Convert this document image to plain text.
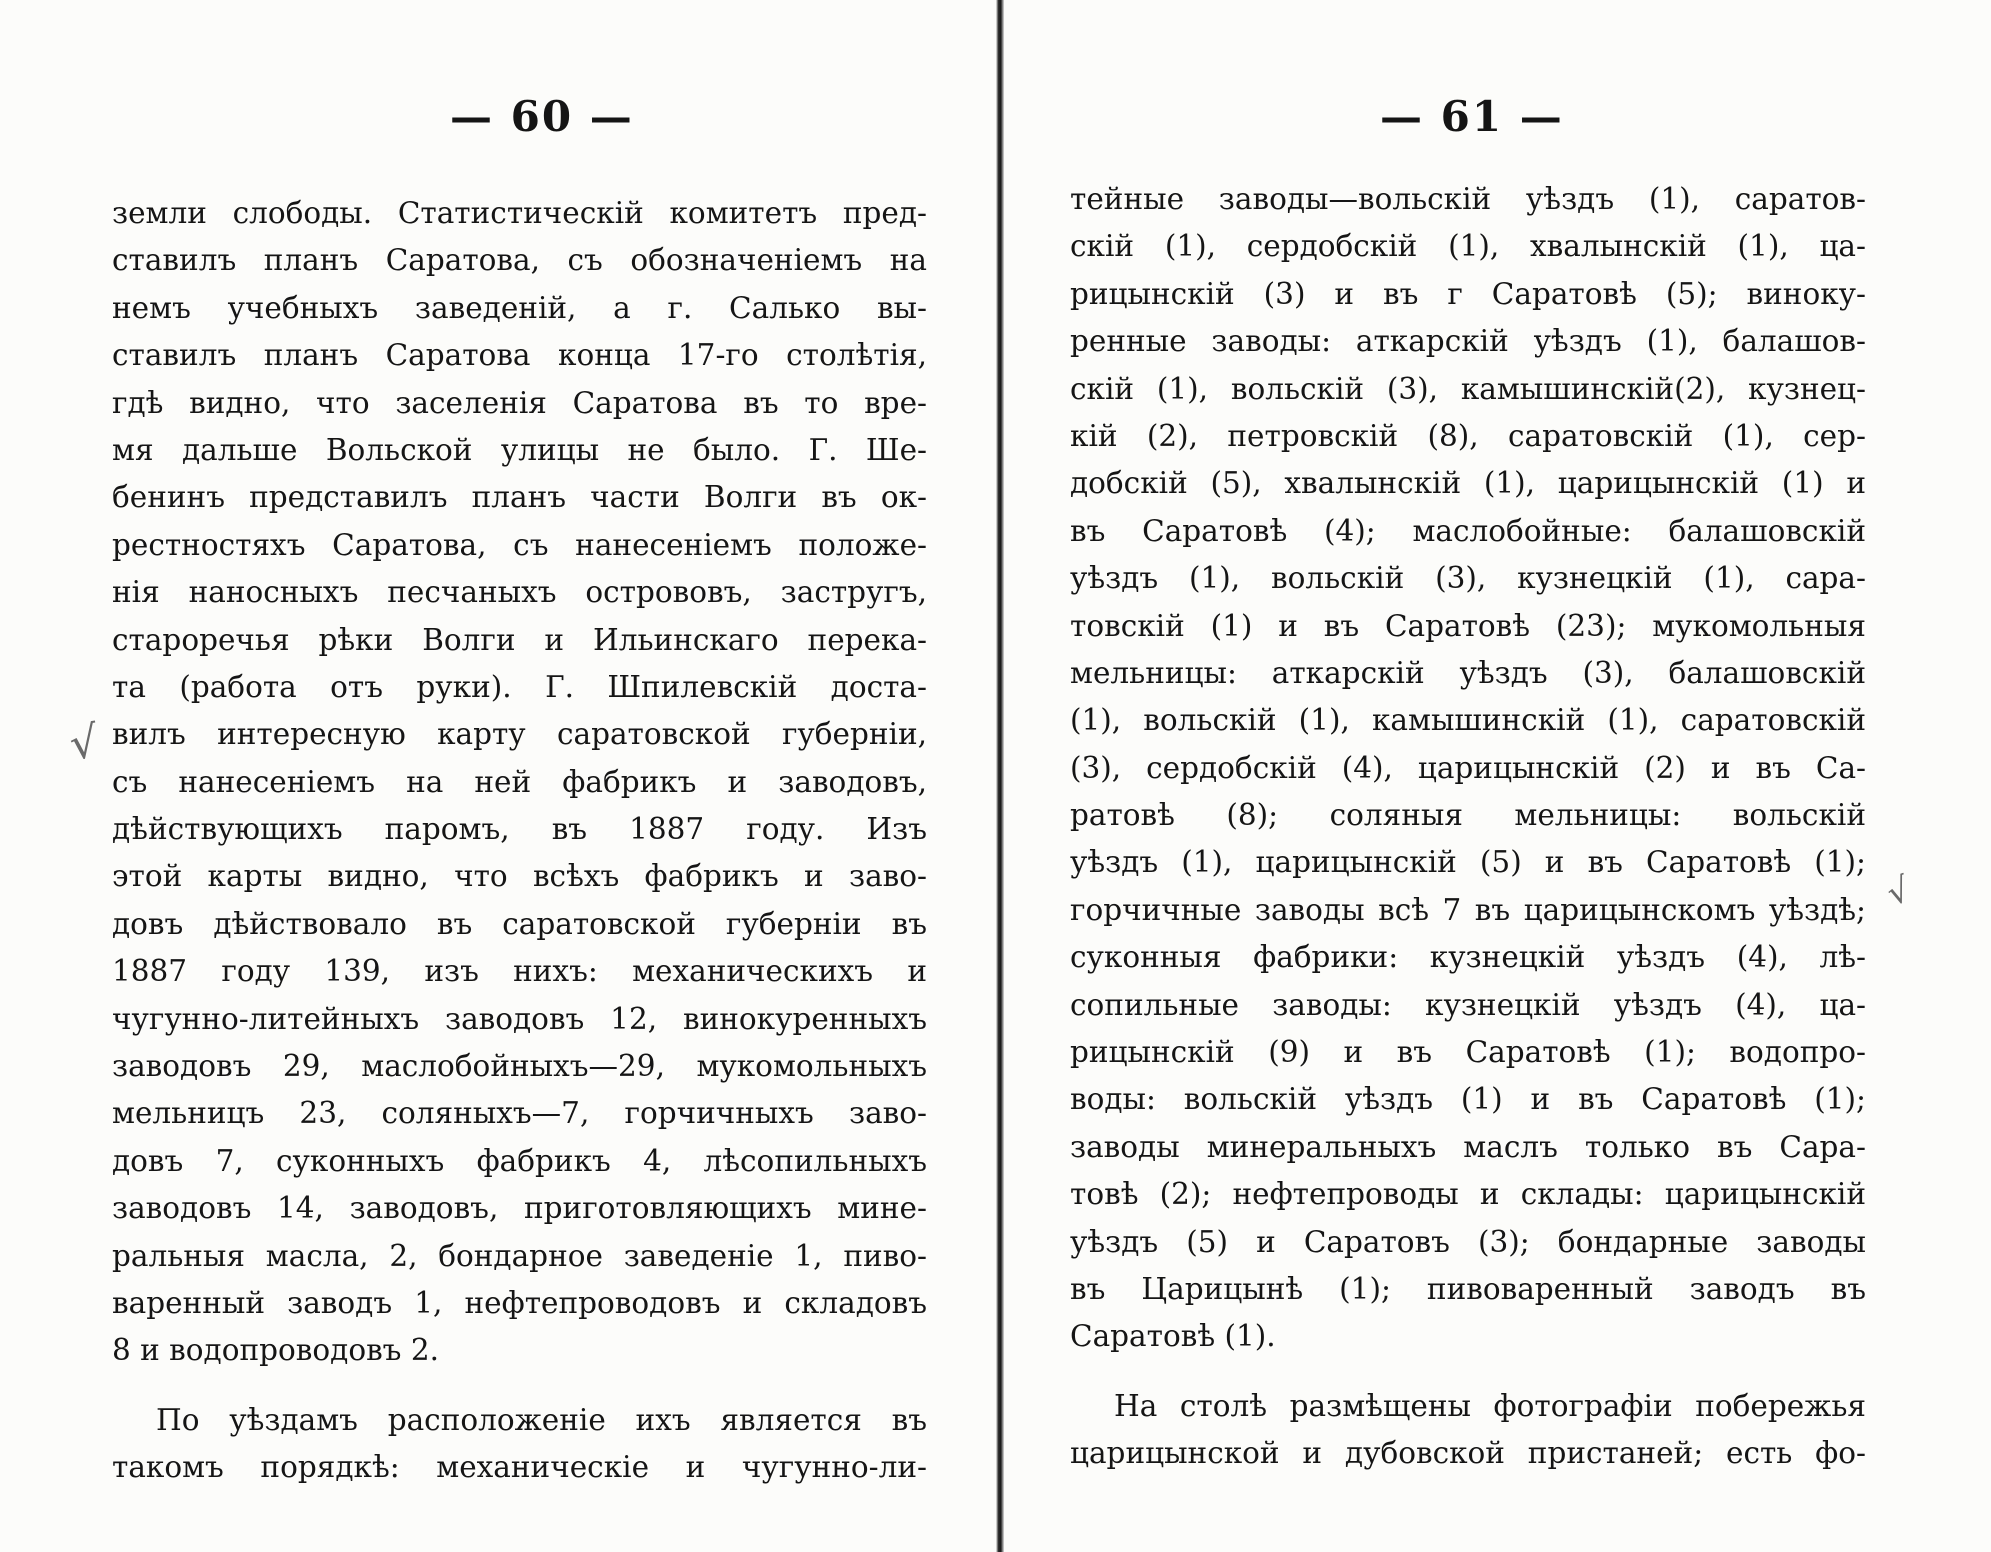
— 60 —
земли слободы. Статистическій комитетъ пред-
ставилъ планъ Саратова, съ обозначеніемъ на
немъ учебныхъ заведеній, а г. Салько вы-
ставилъ планъ Саратова конца 17-го столѣтія,
гдѣ видно, что заселенія Саратова въ то вре-
мя дальше Вольской улицы не было. Г. Ше-
бенинъ представилъ планъ части Волги въ ок-
рестностяхъ Саратова, съ нанесеніемъ положе-
нія наносныхъ песчаныхъ острововъ, застругъ,
староречья рѣки Волги и Ильинскаго перека-
та (работа отъ руки). Г. Шпилевскій доста-
вилъ интересную карту саратовской губерніи,
съ нанесеніемъ на ней фабрикъ и заводовъ,
дѣйствующихъ паромъ, въ 1887 году. Изъ
этой карты видно, что всѣхъ фабрикъ и заво-
довъ дѣйствовало въ саратовской губерніи въ
1887 году 139, изъ нихъ: механическихъ и
чугунно-литейныхъ заводовъ 12, винокуренныхъ
заводовъ 29, маслобойныхъ—29, мукомольныхъ
мельницъ 23, соляныхъ—7, горчичныхъ заво-
довъ 7, суконныхъ фабрикъ 4, лѣсопильныхъ
заводовъ 14, заводовъ, приготовляющихъ мине-
ральныя масла, 2, бондарное заведеніе 1, пиво-
варенный заводъ 1, нефтепроводовъ и складовъ
8 и водопроводовъ 2.
По уѣздамъ расположеніе ихъ является въ
такомъ порядкѣ: механическіе и чугунно-ли-
√
— 61 —
тейные заводы—вольскій уѣздъ (1), саратов-
скій (1), сердобскій (1), хвалынскій (1), ца-
рицынскій (3) и въ г Саратовѣ (5); винoку-
ренные заводы: аткарскій уѣздъ (1), балашов-
скій (1), вольскій (3), камышинскій(2), кузнец-
кій (2), петровскій (8), саратовскій (1), сер-
добскій (5), хвалынскій (1), царицынскій (1) и
въ Саратовѣ (4); маслобойные: балашовскій
уѣздъ (1), вольскій (3), кузнецкій (1), сара-
товскій (1) и въ Саратовѣ (23); мукомольныя
мельницы: аткарскій уѣздъ (3), балашовскій
(1), вольскій (1), камышинскій (1), саратовскій
(3), сердобскій (4), царицынскій (2) и въ Са-
ратовѣ (8); соляныя мельницы: вольскій
уѣздъ (1), царицынскій (5) и въ Саратовѣ (1);
горчичные заводы всѣ 7 въ царицынскомъ уѣздѣ;
суконныя фабрики: кузнецкій уѣздъ (4), лѣ-
сопильные заводы: кузнецкій уѣздъ (4), ца-
рицынскій (9) и въ Саратовѣ (1); водопро-
воды: вольскій уѣздъ (1) и въ Саратовѣ (1);
заводы минеральныхъ маслъ только въ Сара-
товѣ (2); нефтепроводы и склады: царицынскій
уѣздъ (5) и Саратовъ (3); бондарные заводы
въ Царицынѣ (1); пивоваренный заводъ въ
Саратовѣ (1).
На столѣ размѣщены фотографіи побережья
царицынской и дубовской пристаней; есть фо-
√
